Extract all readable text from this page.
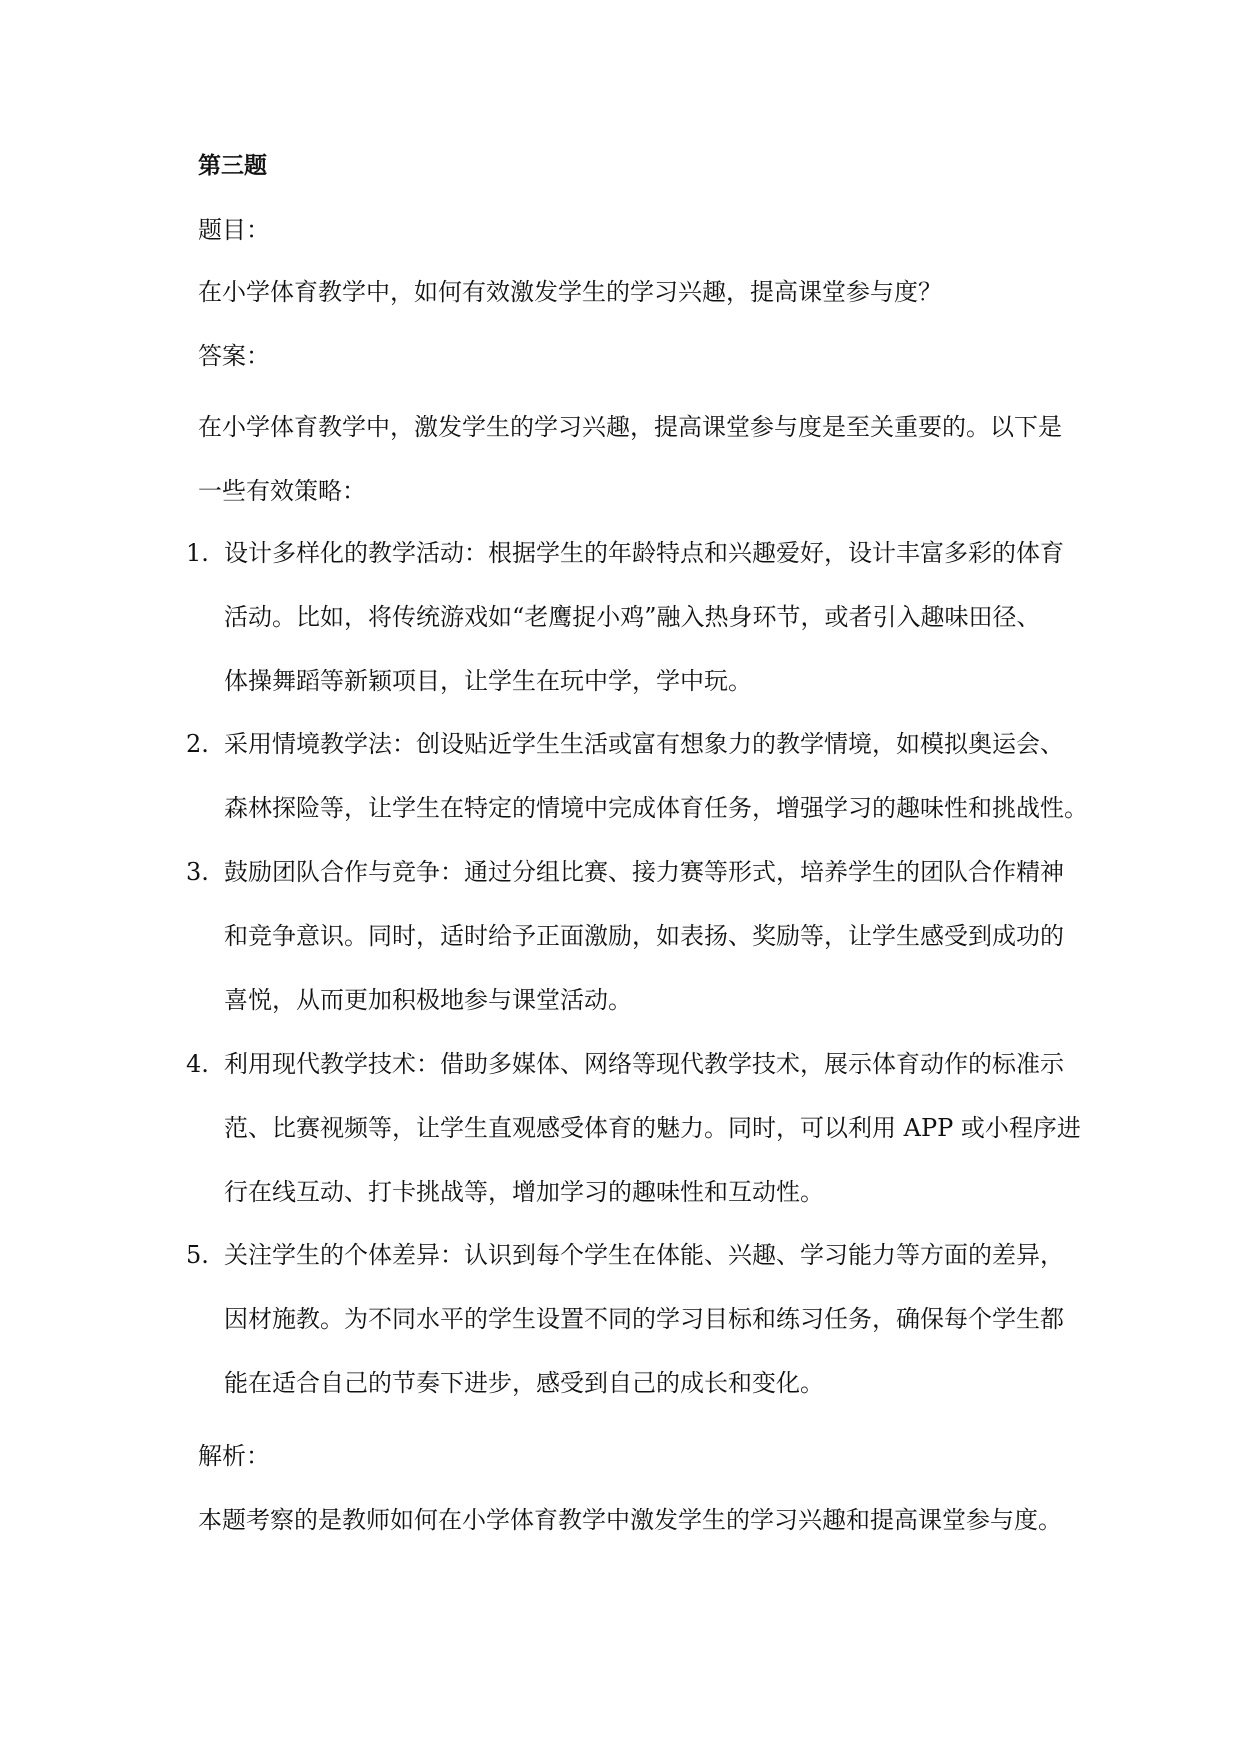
第三题
题目：
在小学体育教学中，如何有效激发学生的学习兴趣，提高课堂参与度？
答案：
在小学体育教学中，激发学生的学习兴趣，提高课堂参与度是至关重要的。以下是
一些有效策略：
1. 设计多样化的教学活动：根据学生的年龄特点和兴趣爱好，设计丰富多彩的体育
活动。比如，将传统游戏如“老鹰捉小鸡”融入热身环节，或者引入趣味田径、
体操舞蹈等新颖项目，让学生在玩中学，学中玩。
2. 采用情境教学法：创设贴近学生生活或富有想象力的教学情境，如模拟奥运会、
森林探险等，让学生在特定的情境中完成体育任务，增强学习的趣味性和挑战性。
3. 鼓励团队合作与竞争：通过分组比赛、接力赛等形式，培养学生的团队合作精神
和竞争意识。同时，适时给予正面激励，如表扬、奖励等，让学生感受到成功的
喜悦，从而更加积极地参与课堂活动。
4. 利用现代教学技术：借助多媒体、网络等现代教学技术，展示体育动作的标准示
范、比赛视频等，让学生直观感受体育的魅力。同时，可以利用 APP 或小程序进
行在线互动、打卡挑战等，增加学习的趣味性和互动性。
5. 关注学生的个体差异：认识到每个学生在体能、兴趣、学习能力等方面的差异，
因材施教。为不同水平的学生设置不同的学习目标和练习任务，确保每个学生都
能在适合自己的节奏下进步，感受到自己的成长和变化。
解析：
本题考察的是教师如何在小学体育教学中激发学生的学习兴趣和提高课堂参与度。
